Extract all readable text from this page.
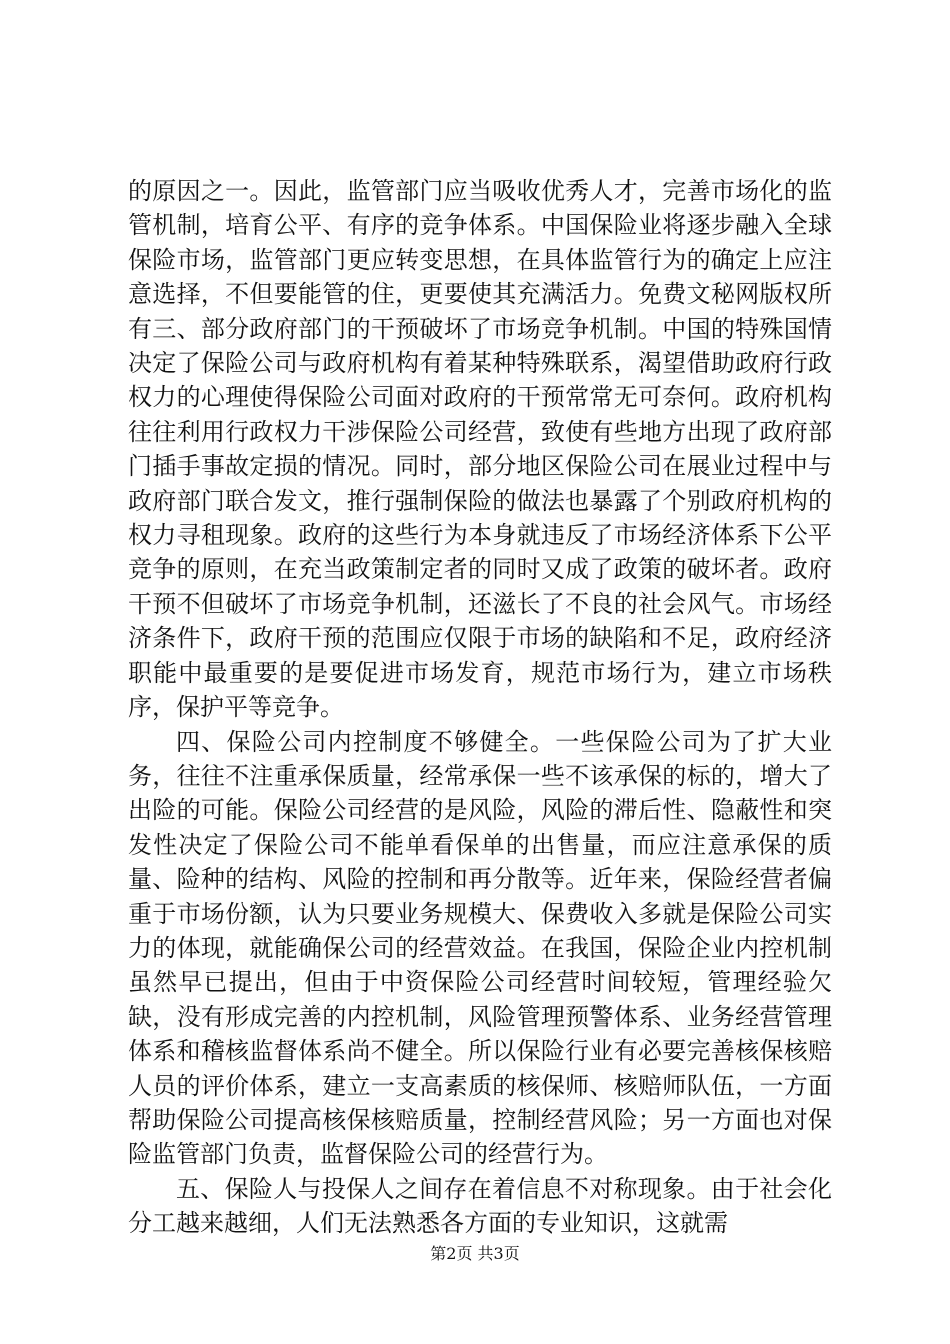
的原因之一。因此，监管部门应当吸收优秀人才，完善市场化的监管机制，培育公平、有序的竞争体系。中国保险业将逐步融入全球保险市场，监管部门更应转变思想，在具体监管行为的确定上应注意选择，不但要能管的住，更要使其充满活力。免费文秘网版权所有三、部分政府部门的干预破坏了市场竞争机制。中国的特殊国情决定了保险公司与政府机构有着某种特殊联系，渴望借助政府行政权力的心理使得保险公司面对政府的干预常常无可奈何。政府机构往往利用行政权力干涉保险公司经营，致使有些地方出现了政府部门插手事故定损的情况。同时，部分地区保险公司在展业过程中与政府部门联合发文，推行强制保险的做法也暴露了个别政府机构的权力寻租现象。政府的这些行为本身就违反了市场经济体系下公平竞争的原则，在充当政策制定者的同时又成了政策的破坏者。政府干预不但破坏了市场竞争机制，还滋长了不良的社会风气。市场经济条件下，政府干预的范围应仅限于市场的缺陷和不足，政府经济职能中最重要的是要促进市场发育，规范市场行为，建立市场秩序，保护平等竞争。

四、保险公司内控制度不够健全。一些保险公司为了扩大业务，往往不注重承保质量，经常承保一些不该承保的标的，增大了出险的可能。保险公司经营的是风险，风险的滞后性、隐蔽性和突发性决定了保险公司不能单看保单的出售量，而应注意承保的质量、险种的结构、风险的控制和再分散等。近年来，保险经营者偏重于市场份额，认为只要业务规模大、保费收入多就是保险公司实力的体现，就能确保公司的经营效益。在我国，保险企业内控机制虽然早已提出，但由于中资保险公司经营时间较短，管理经验欠缺，没有形成完善的内控机制，风险管理预警体系、业务经营管理体系和稽核监督体系尚不健全。所以保险行业有必要完善核保核赔人员的评价体系，建立一支高素质的核保师、核赔师队伍，一方面帮助保险公司提高核保核赔质量，控制经营风险；另一方面也对保险监管部门负责，监督保险公司的经营行为。

五、保险人与投保人之间存在着信息不对称现象。由于社会化分工越来越细，人们无法熟悉各方面的专业知识，这就需

第2页 共3页
